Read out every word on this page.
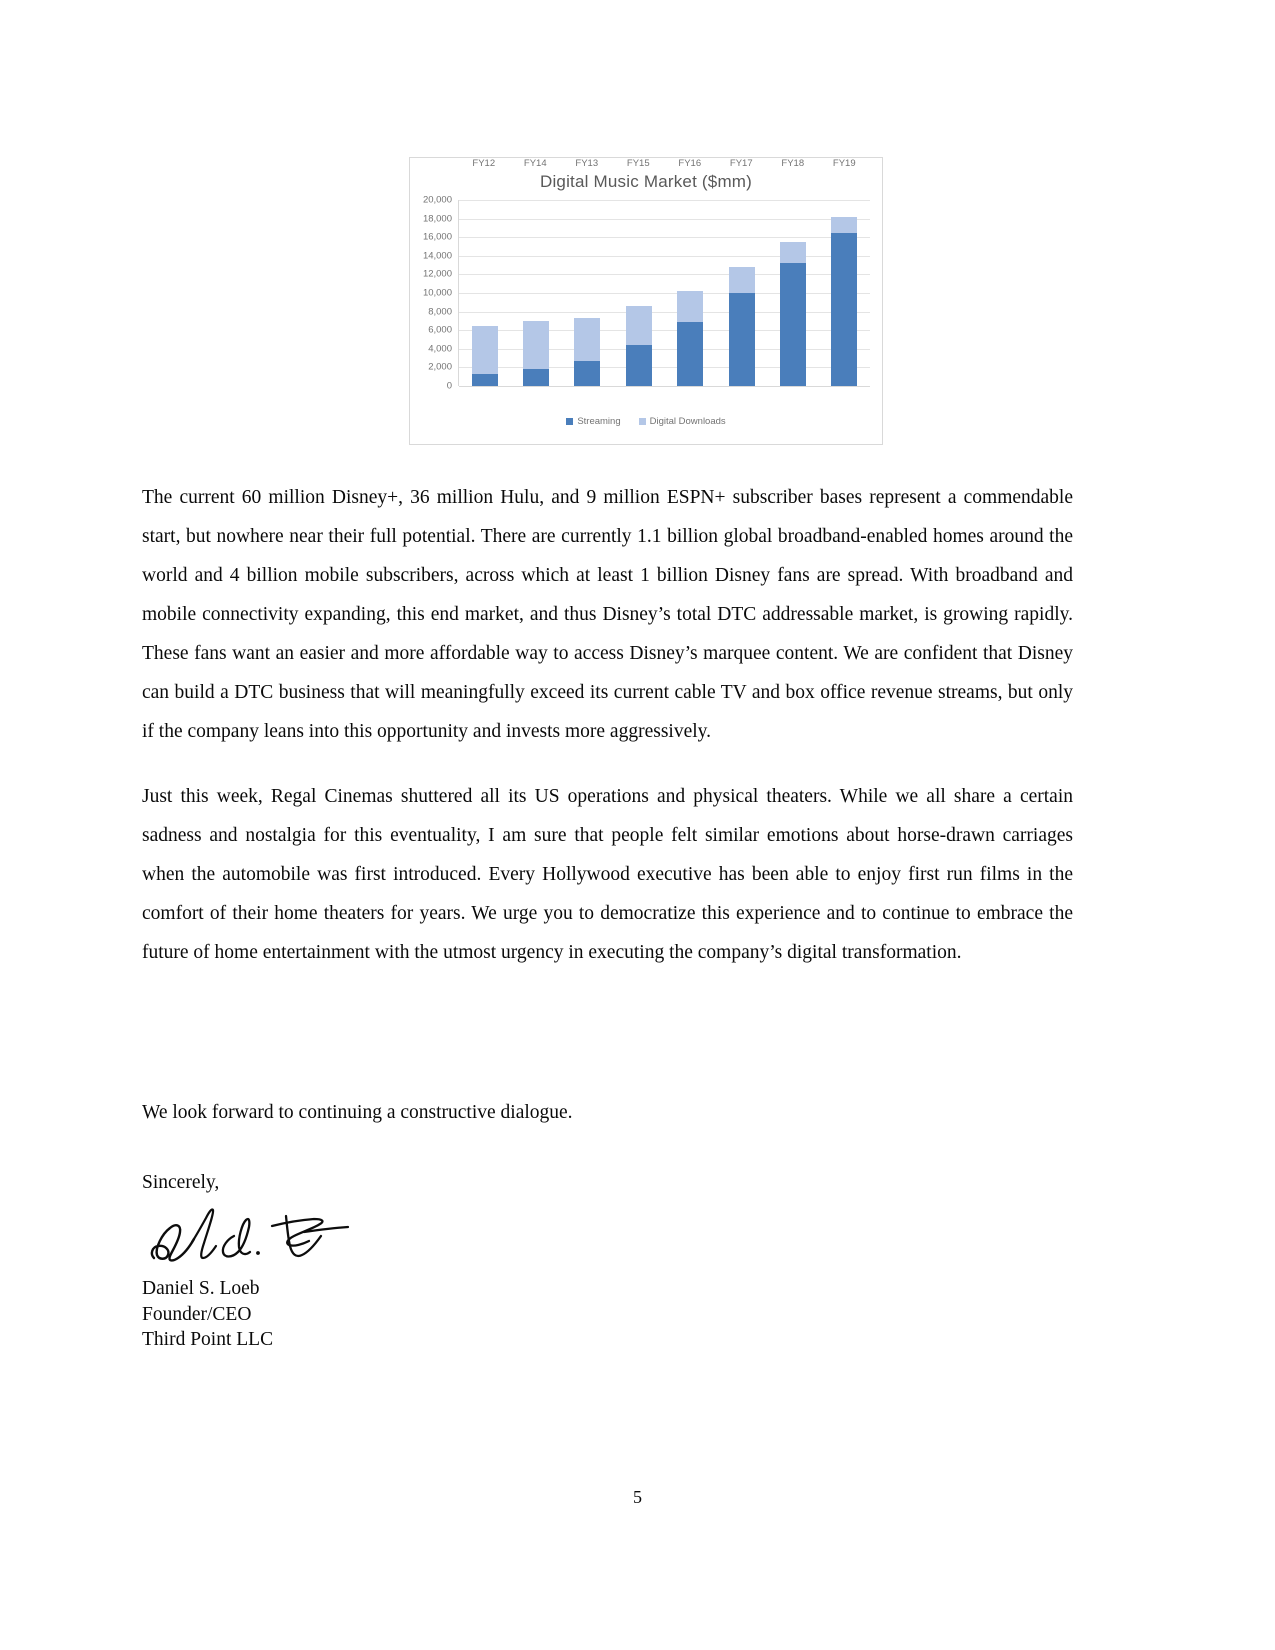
Digital Music Market ($mm)
20,000
18,000
16,000
14,000
12,000
10,000
8,000
6,000
4,000
2,000
0
FY12	FY14	FY13	FY15	FY16	FY17	FY18	FY19
Streaming	Digital Downloads

The current 60 million Disney+, 36 million Hulu, and 9 million ESPN+ subscriber bases represent a commendable start, but nowhere near their full potential. There are currently 1.1 billion global broadband-enabled homes around the world and 4 billion mobile subscribers, across which at least 1 billion Disney fans are spread. With broadband and mobile connectivity expanding, this end market, and thus Disney’s total DTC addressable market, is growing rapidly. These fans want an easier and more affordable way to access Disney’s marquee content. We are confident that Disney can build a DTC business that will meaningfully exceed its current cable TV and box office revenue streams, but only if the company leans into this opportunity and invests more aggressively.

Just this week, Regal Cinemas shuttered all its US operations and physical theaters. While we all share a certain sadness and nostalgia for this eventuality, I am sure that people felt similar emotions about horse-drawn carriages when the automobile was first introduced. Every Hollywood executive has been able to enjoy first run films in the comfort of their home theaters for years. We urge you to democratize this experience and to continue to embrace the future of home entertainment with the utmost urgency in executing the company’s digital transformation.

We look forward to continuing a constructive dialogue.

Sincerely,
Daniel S. Loeb
Founder/CEO
Third Point LLC
5
